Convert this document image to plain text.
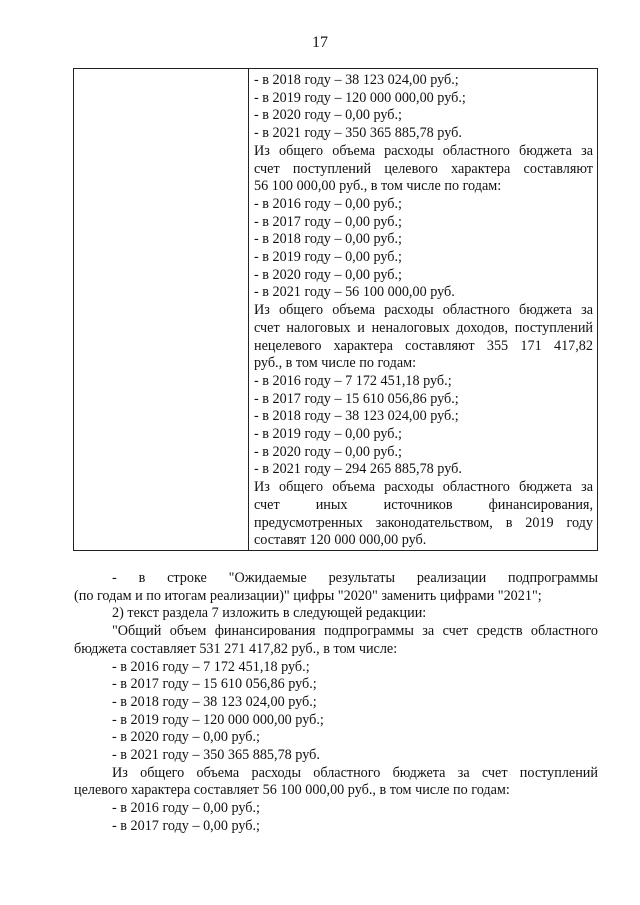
17
- в 2018 году – 38 123 024,00 руб.;
- в 2019 году – 120 000 000,00 руб.;
- в 2020 году – 0,00 руб.;
- в 2021 году – 350 365 885,78 руб.
Из общего объема расходы областного бюджета за
счет поступлений целевого характера составляют
56 100 000,00 руб., в том числе по годам:
- в 2016 году – 0,00 руб.;
- в 2017 году – 0,00 руб.;
- в 2018 году – 0,00 руб.;
- в 2019 году – 0,00 руб.;
- в 2020 году – 0,00 руб.;
- в 2021 году – 56 100 000,00 руб.
Из общего объема расходы областного бюджета за
счет налоговых и неналоговых доходов, поступлений
нецелевого характера составляют 355 171 417,82
руб., в том числе по годам:
- в 2016 году – 7 172 451,18 руб.;
- в 2017 году – 15 610 056,86 руб.;
- в 2018 году – 38 123 024,00 руб.;
- в 2019 году – 0,00 руб.;
- в 2020 году – 0,00 руб.;
- в 2021 году – 294 265 885,78 руб.
Из общего объема расходы областного бюджета за
счет иных источников финансирования,
предусмотренных законодательством, в 2019 году
составят 120 000 000,00 руб.
- в строке "Ожидаемые результаты реализации подпрограммы
(по годам и по итогам реализации)" цифры "2020" заменить цифрами "2021";
2) текст раздела 7 изложить в следующей редакции:
"Общий объем финансирования подпрограммы за счет средств областного
бюджета составляет 531 271 417,82 руб., в том числе:
- в 2016 году – 7 172 451,18 руб.;
- в 2017 году – 15 610 056,86 руб.;
- в 2018 году – 38 123 024,00 руб.;
- в 2019 году – 120 000 000,00 руб.;
- в 2020 году – 0,00 руб.;
- в 2021 году – 350 365 885,78 руб.
Из общего объема расходы областного бюджета за счет поступлений
целевого характера составляет 56 100 000,00 руб., в том числе по годам:
- в 2016 году – 0,00 руб.;
- в 2017 году – 0,00 руб.;
